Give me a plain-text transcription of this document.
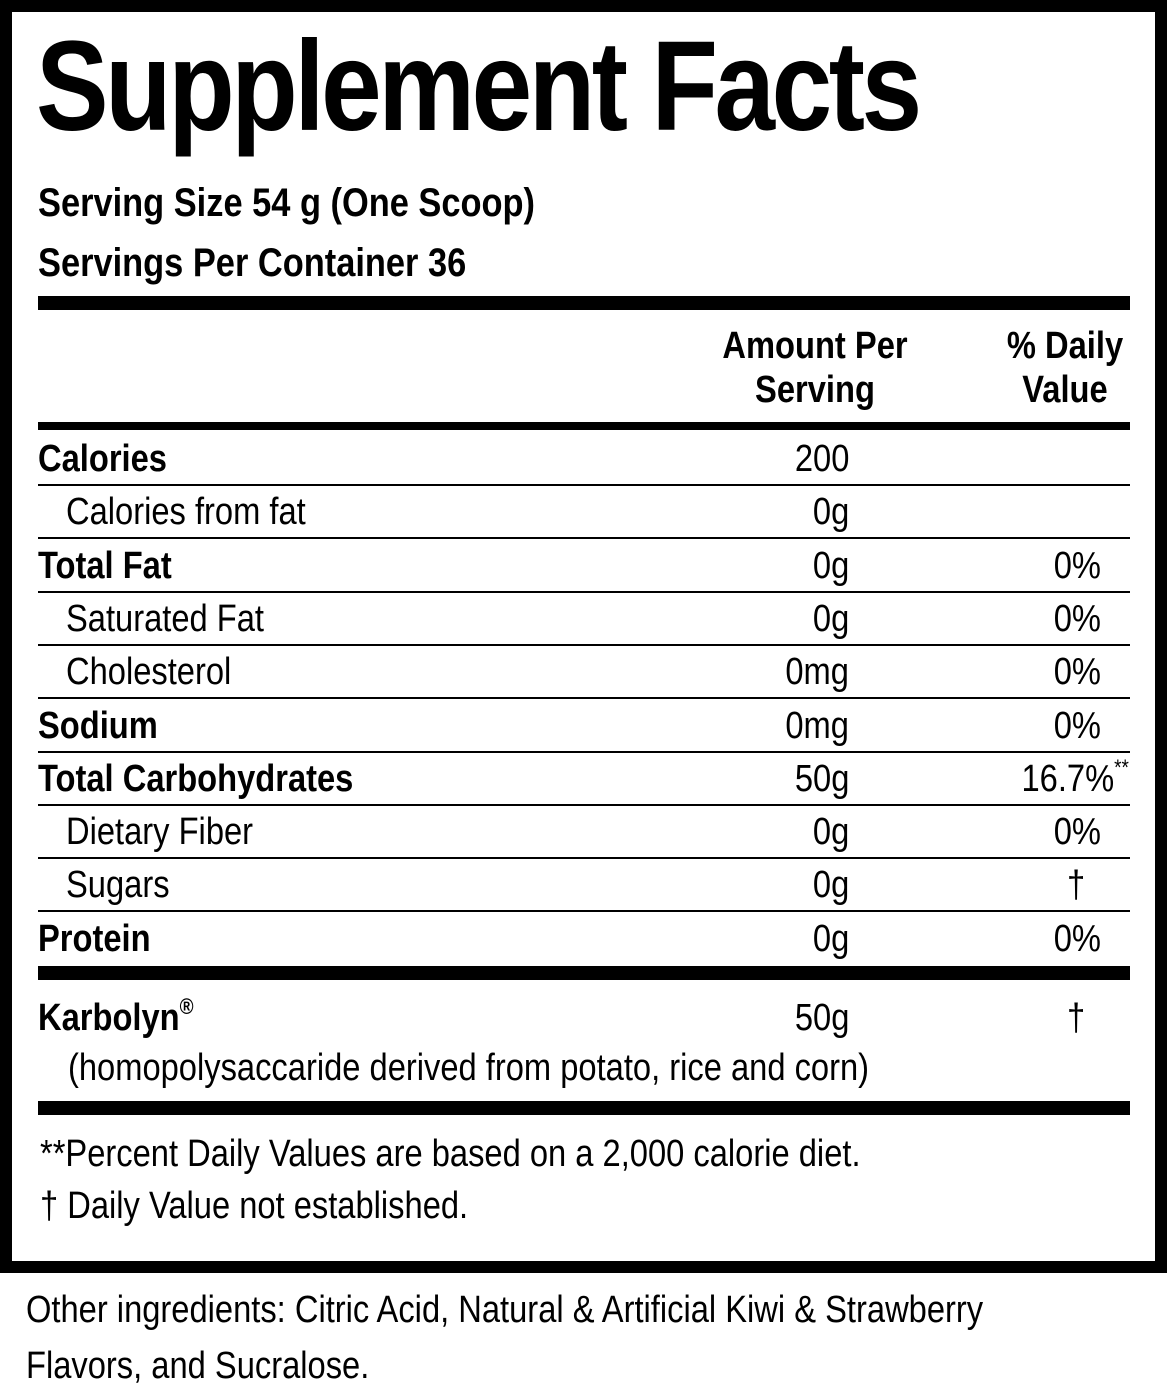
Supplement Facts
Serving Size 54 g (One Scoop)
Servings Per Container 36
Amount Per
Serving
% Daily
Value
Calories	200
Calories from fat	0g
Total Fat	0g	0%
Saturated Fat	0g	0%
Cholesterol	0mg	0%
Sodium	0mg	0%
Total Carbohydrates	50g	16.7%**
Dietary Fiber	0g	0%
Sugars	0g	†
Protein	0g	0%
Karbolyn®	50g	†
(homopolysaccaride derived from potato, rice and corn)
**Percent Daily Values are based on a 2,000 calorie diet.
† Daily Value not established.
Other ingredients: Citric Acid, Natural & Artificial Kiwi & Strawberry
Flavors, and Sucralose.
